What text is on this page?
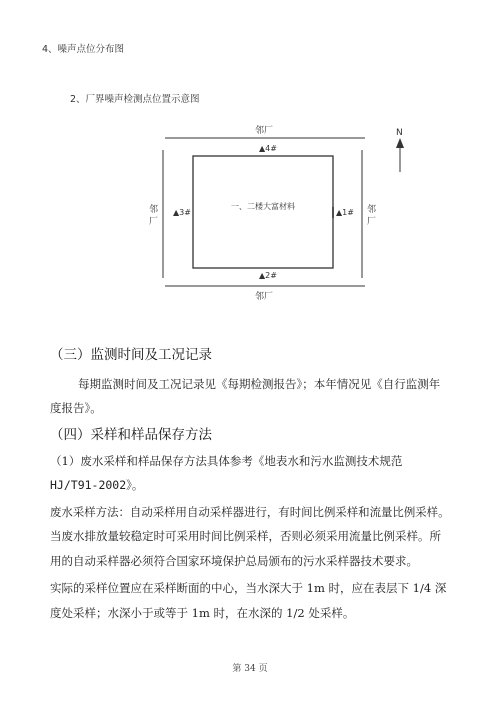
4、噪声点位分布图
2、厂界噪声检测点位置示意图
N
邻厂
邻厂
邻
厂
邻
厂
一、二楼大富材料
▲1#
▲2#
▲3#
▲4#
（三）监测时间及工况记录
每期监测时间及工况记录见《每期检测报告》；本年情况见《自行监测年
度报告》。
（四）采样和样品保存方法
（1）废水采样和样品保存方法具体参考《地表水和污水监测技术规范
HJ/T91-2002》。
废水采样方法：自动采样用自动采样器进行，有时间比例采样和流量比例采样。
当废水排放量较稳定时可采用时间比例采样，否则必须采用流量比例采样。所
用的自动采样器必须符合国家环境保护总局颁布的污水采样器技术要求。
实际的采样位置应在采样断面的中心，当水深大于 1m 时，应在表层下 1/4 深
度处采样；水深小于或等于 1m 时，在水深的 1/2 处采样。
第 34 页
